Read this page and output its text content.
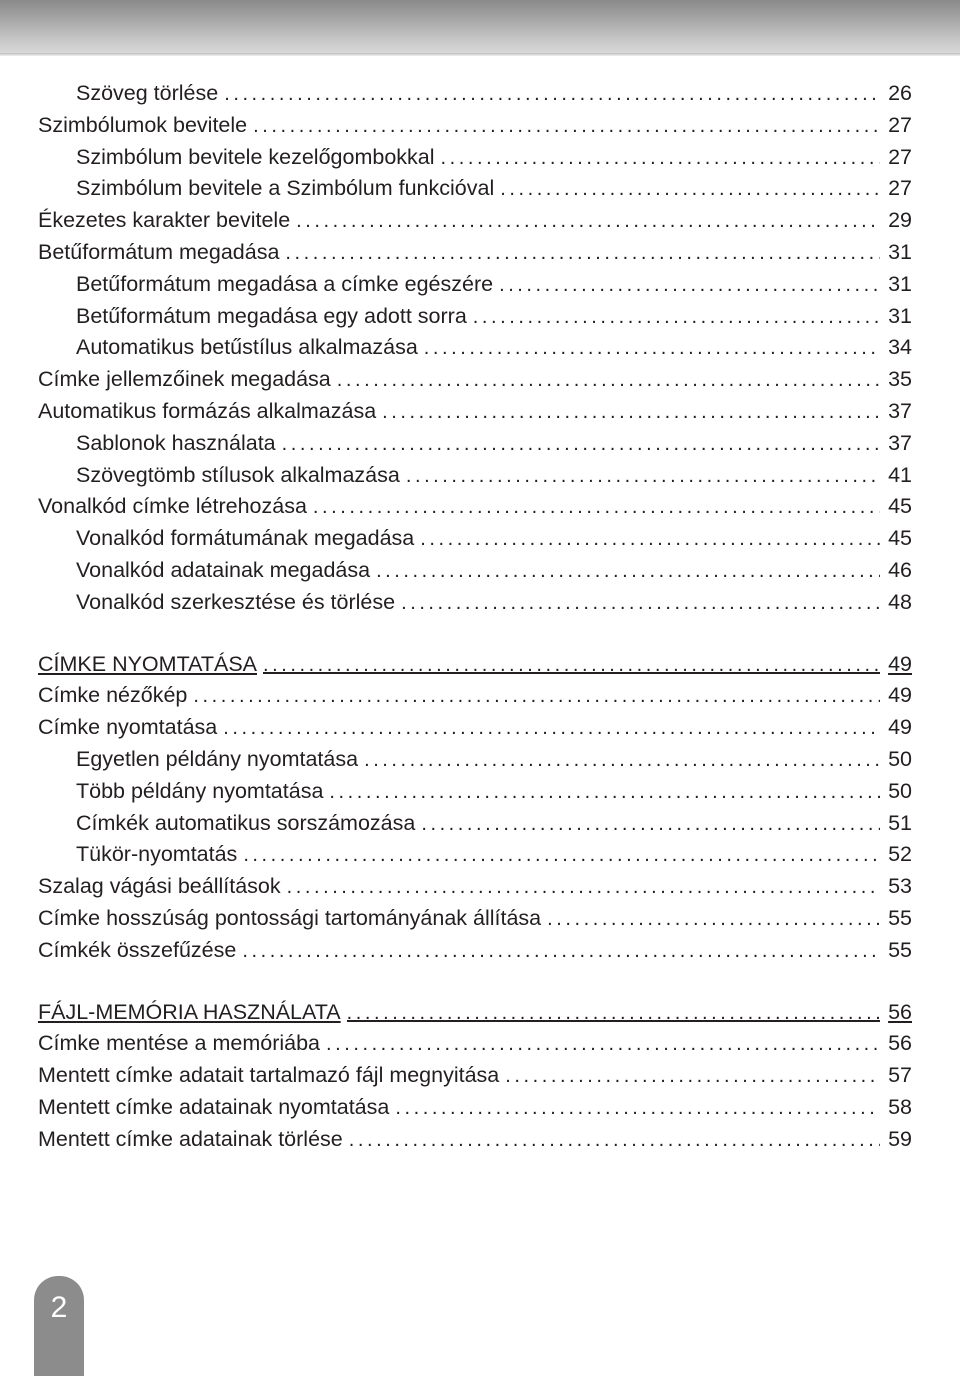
Szöveg törlése . . .	26
Szimbólumok bevitele . . .	27
Szimbólum bevitele kezelőgombokkal . . .	27
Szimbólum bevitele a Szimbólum funkcióval . . .	27
Ékezetes karakter bevitele . . .	29
Betűformátum megadása . . .	31
Betűformátum megadása a címke egészére . . .	31
Betűformátum megadása egy adott sorra . . .	31
Automatikus betűstílus alkalmazása . . .	34
Címke jellemzőinek megadása . . .	35
Automatikus formázás alkalmazása . . .	37
Sablonok használata . . .	37
Szövegtömb stílusok alkalmazása . . .	41
Vonalkód címke létrehozása . . .	45
Vonalkód formátumának megadása . . .	45
Vonalkód adatainak megadása . . .	46
Vonalkód szerkesztése és törlése . . .	48
CÍMKE NYOMTATÁSA . . .	49
Címke nézőkép . . .	49
Címke nyomtatása . . .	49
Egyetlen példány nyomtatása . . .	50
Több példány nyomtatása . . .	50
Címkék automatikus sorszámozása . . .	51
Tükör-nyomtatás . . .	52
Szalag vágási beállítások . . .	53
Címke hosszúság pontossági tartományának állítása . . .	55
Címkék összefűzése . . .	55
FÁJL-MEMÓRIA HASZNÁLATA . . .	56
Címke mentése a memóriába . . .	56
Mentett címke adatait tartalmazó fájl megnyitása . . .	57
Mentett címke adatainak nyomtatása . . .	58
Mentett címke adatainak törlése . . .	59
2
